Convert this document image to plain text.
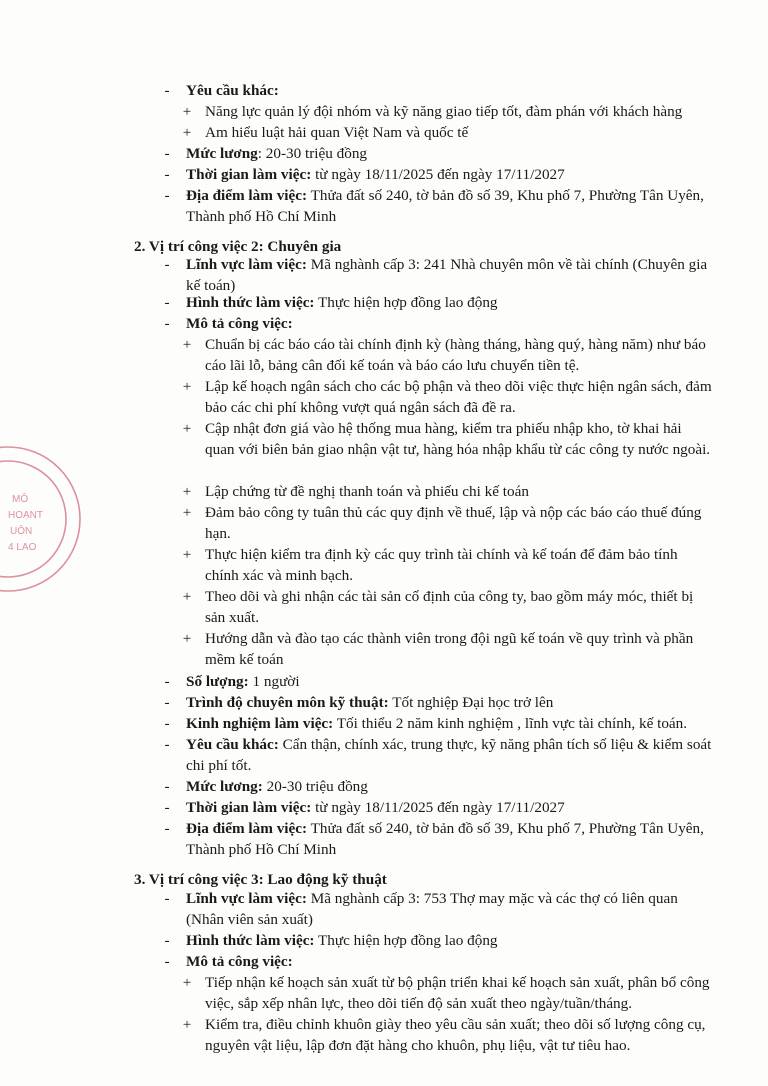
- Yêu cầu khác:
+ Năng lực quản lý đội nhóm và kỹ năng giao tiếp tốt, đàm phán với khách hàng
+ Am hiểu luật hải quan Việt Nam và quốc tế
- Mức lương: 20-30 triệu đồng
- Thời gian làm việc: từ ngày 18/11/2025 đến ngày 17/11/2027
- Địa điểm làm việc: Thửa đất số 240, tờ bản đồ số 39, Khu phố 7, Phường Tân Uyên, Thành phố Hồ Chí Minh
2. Vị trí công việc 2: Chuyên gia
- Lĩnh vực làm việc: Mã nghành cấp 3: 241 Nhà chuyên môn về tài chính (Chuyên gia kế toán)
- Hình thức làm việc: Thực hiện hợp đồng lao động
- Mô tả công việc:
+ Chuẩn bị các báo cáo tài chính định kỳ (hàng tháng, hàng quý, hàng năm) như báo cáo lãi lỗ, bảng cân đối kế toán và báo cáo lưu chuyển tiền tệ.
+ Lập kế hoạch ngân sách cho các bộ phận và theo dõi việc thực hiện ngân sách, đảm bảo các chi phí không vượt quá ngân sách đã đề ra.
+ Cập nhật đơn giá vào hệ thống mua hàng, kiểm tra phiếu nhập kho, tờ khai hải quan với biên bản giao nhận vật tư, hàng hóa nhập khẩu từ các công ty nước ngoài.
+ Lập chứng từ đề nghị thanh toán và phiếu chi kế toán
+ Đảm bảo công ty tuân thủ các quy định về thuế, lập và nộp các báo cáo thuế đúng hạn.
+ Thực hiện kiểm tra định kỳ các quy trình tài chính và kế toán để đảm bảo tính chính xác và minh bạch.
+ Theo dõi và ghi nhận các tài sản cố định của công ty, bao gồm máy móc, thiết bị sản xuất.
+ Hướng dẫn và đào tạo các thành viên trong đội ngũ kế toán về quy trình và phần mềm kế toán
- Số lượng: 1 người
- Trình độ chuyên môn kỹ thuật: Tốt nghiệp Đại học trở lên
- Kinh nghiệm làm việc: Tối thiểu 2 năm kinh nghiệm , lĩnh vực tài chính, kế toán.
- Yêu cầu khác: Cẩn thận, chính xác, trung thực, kỹ năng phân tích số liệu & kiểm soát chi phí tốt.
- Mức lương: 20-30 triệu đồng
- Thời gian làm việc: từ ngày 18/11/2025 đến ngày 17/11/2027
- Địa điểm làm việc: Thửa đất số 240, tờ bản đồ số 39, Khu phố 7, Phường Tân Uyên, Thành phố Hồ Chí Minh
3. Vị trí công việc 3: Lao động kỹ thuật
- Lĩnh vực làm việc: Mã nghành cấp 3: 753 Thợ may mặc và các thợ có liên quan (Nhân viên sản xuất)
- Hình thức làm việc: Thực hiện hợp đồng lao động
- Mô tả công việc:
+ Tiếp nhận kế hoạch sản xuất từ bộ phận triển khai kế hoạch sản xuất, phân bổ công việc, sắp xếp nhân lực, theo dõi tiến độ sản xuất theo ngày/tuần/tháng.
+ Kiểm tra, điều chỉnh khuôn giày theo yêu cầu sản xuất; theo dõi số lượng công cụ, nguyên vật liệu, lập đơn đặt hàng cho khuôn, phụ liệu, vật tư tiêu hao.
MÔ
HOẠNT
UÔN
4 LAO
